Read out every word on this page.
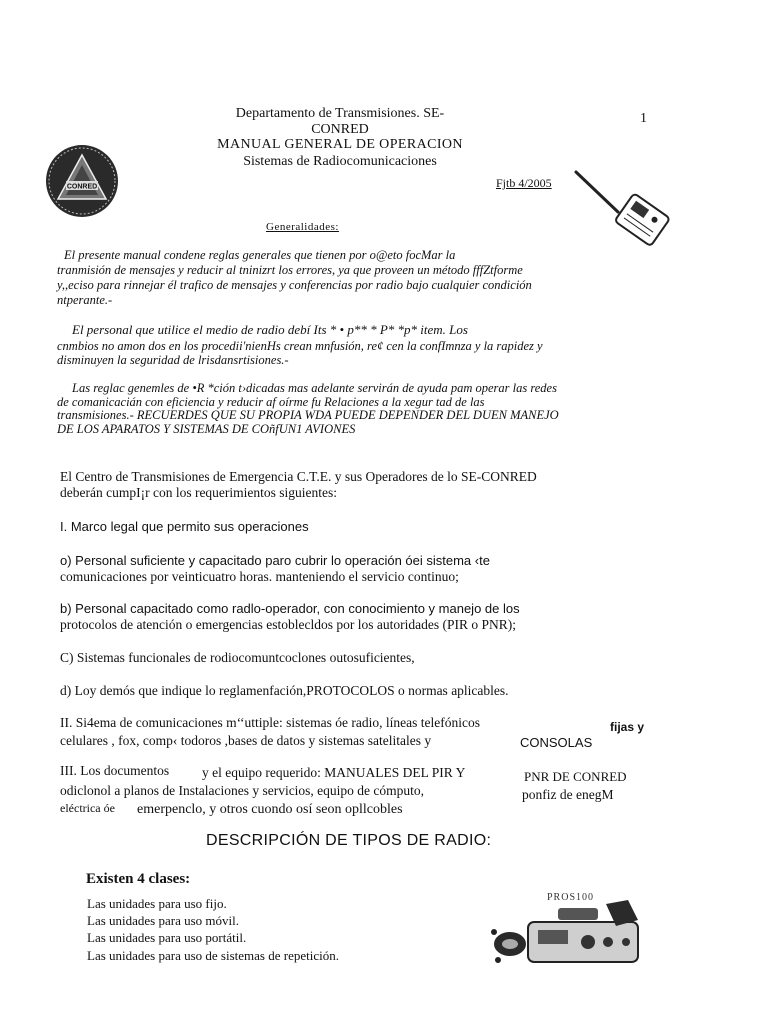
CONRED
Departamento de Transmisiones. SE-
CONRED
MANUAL GENERAL DE OPERACION
Sistemas de Radiocomunicaciones
1
Fjtb 4/2005
Generalidades:
El presente manual condene reglas generales que tienen por o@eto focMar la
tranmisión de mensajes y reducir al tninizrt los errores, ya que proveen un método fffZtforme
y,,eciso para rinnejar él trafico de mensajes y conferencias por radio bajo cualquier condición
ntperante.-
El personal que utilice el medio de radio debí Its * • p** * P* *p* item. Los
cnmbios no amon dos en los procedii'nienHs crean mnfusión, re¢ cen la confImnza y la rapidez y
disminuyen la seguridad de lrisdansrtisiones.-
Las reglac genemles de •R *ción t›dicadas mas adelante servirán de ayuda pam operar las redes
de comanicacián con eficiencia y reducir af oírme fu Relaciones a la xegur tad de las
transmisiones.- RECUERDES QUE SU PROPIA WDA PUEDE DEPENDER DEL DUEN MANEJO
DE LOS APARATOS Y SISTEMAS DE COñfUN1 AVIONES
El Centro de Transmisiones de Emergencia C.T.E. y sus Operadores de lo SE-CONRED
deberán cumpI¡r con los requerimientos siguientes:
I. Marco legal que permito sus operaciones
o) Personal suficiente y capacitado paro cubrir lo operación óei sistema ‹te
comunicaciones por veinticuatro horas. manteniendo el servicio continuo;
b) Personal capacitado como radlo-operador, con conocimiento y manejo de los
protocolos de atención o emergencias estoblecldos por los autoridades (PIR o PNR);
C) Sistemas funcionales de rodiocomuntcoclones outosuficientes,
d) Loy demós que indique lo reglamenfación,PROTOCOLOS o normas aplicables.
II. Si4ema de comunicaciones m‘‘uttiple: sistemas óe radio, líneas telefónicos	fijas y
celulares , fox, comp‹ todoros ,bases de datos y sistemas satelitales y	CONSOLAS
III. Los documentos y el equipo requerido: MANUALES DEL PIR Y	PNR DE CONRED
odiclonol a planos de Instalaciones y servicios, equipo de cómputo,	ponfiz de enegM
eléctrica óe emerpenclo, y otros cuondo osí seon opllcobles
DESCRIPCIÓN DE TIPOS DE RADIO:
Existen 4 clases:
Las unidades para uso fijo.
Las unidades para uso móvil.
Las unidades para uso portátil.
Las unidades para uso de sistemas de repetición.
PROS100
